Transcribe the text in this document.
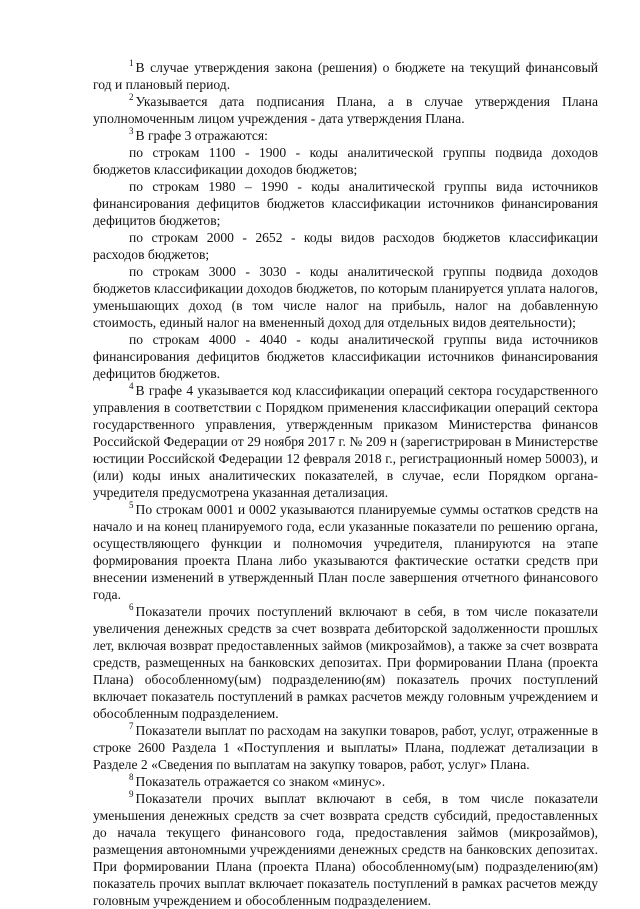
$^1$ В случае утверждения закона (решения) о бюджете на текущий финансовый год и плановый период.

$^2$ Указывается дата подписания Плана, а в случае утверждения Плана уполномоченным лицом учреждения - дата утверждения Плана.

$^3$ В графе 3 отражаются:

по строкам 1100 - 1900 - коды аналитической группы подвида доходов бюджетов классификации доходов бюджетов;

по строкам 1980 – 1990 - коды аналитической группы вида источников финансирования дефицитов бюджетов классификации источников финансирования дефицитов бюджетов;

по строкам 2000 - 2652 - коды видов расходов бюджетов классификации расходов бюджетов;

по строкам 3000 - 3030 - коды аналитической группы подвида доходов бюджетов классификации доходов бюджетов, по которым планируется уплата налогов, уменьшающих доход (в том числе налог на прибыль, налог на добавленную стоимость, единый налог на вмененный доход для отдельных видов деятельности);

по строкам 4000 - 4040 - коды аналитической группы вида источников финансирования дефицитов бюджетов классификации источников финансирования дефицитов бюджетов.

$^4$ В графе 4 указывается код классификации операций сектора государственного управления в соответствии с Порядком применения классификации операций сектора государственного управления, утвержденным приказом Министерства финансов Российской Федерации от 29 ноября 2017 г. № 209 н (зарегистрирован в Министерстве юстиции Российской Федерации 12 февраля 2018 г., регистрационный номер 50003), и (или) коды иных аналитических показателей, в случае, если Порядком органа-учредителя предусмотрена указанная детализация.

$^5$ По строкам 0001 и 0002 указываются планируемые суммы остатков средств на начало и на конец планируемого года, если указанные показатели по решению органа, осуществляющего функции и полномочия учредителя, планируются на этапе формирования проекта Плана либо указываются фактические остатки средств при внесении изменений в утвержденный План после завершения отчетного финансового года.

$^6$ Показатели прочих поступлений включают в себя, в том числе показатели увеличения денежных средств за счет возврата дебиторской задолженности прошлых лет, включая возврат предоставленных займов (микрозаймов), а также за счет возврата средств, размещенных на банковских депозитах. При формировании Плана (проекта Плана) обособленному(ым) подразделению(ям) показатель прочих поступлений включает показатель поступлений в рамках расчетов между головным учреждением и обособленным подразделением.

$^7$ Показатели выплат по расходам на закупки товаров, работ, услуг, отраженные в строке 2600 Раздела 1 «Поступления и выплаты» Плана, подлежат детализации в Разделе 2 «Сведения по выплатам на закупку товаров, работ, услуг» Плана.

$^8$ Показатель отражается со знаком «минус».

$^9$ Показатели прочих выплат включают в себя, в том числе показатели уменьшения денежных средств за счет возврата средств субсидий, предоставленных до начала текущего финансового года, предоставления займов (микрозаймов), размещения автономными учреждениями денежных средств на банковских депозитах. При формировании Плана (проекта Плана) обособленному(ым) подразделению(ям) показатель прочих выплат включает показатель поступлений в рамках расчетов между головным учреждением и обособленным подразделением.
